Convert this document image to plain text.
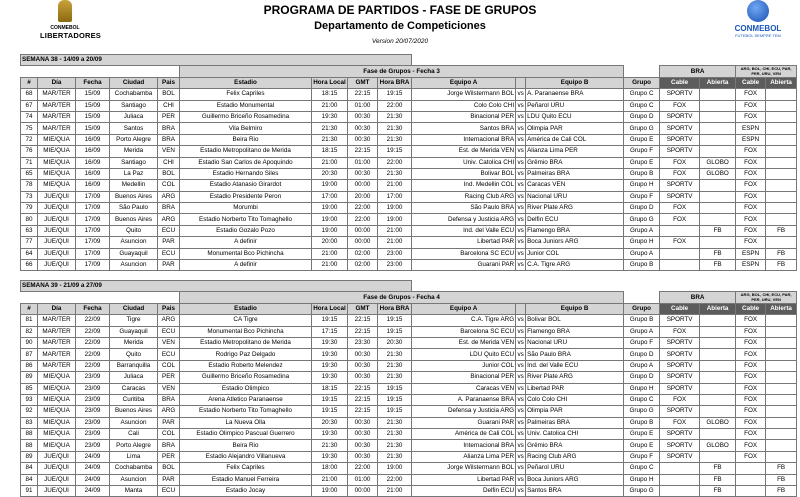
CONMEBOL
LIBERTADORES
PROGRAMA DE PARTIDOS - FASE DE GRUPOS
Departamento de Competiciones
Version 20/07/2020
CONMEBOL
FUTEBOL SEMPRE TEM
SEMANA 38 - 14/09 a 20/09																
					Fase de Grupos - Fecha 3								BRA		ARG, BOL, CHI, ECU, PAR, PER, URU, VEN	
#	Día	Fecha	Ciudad	Pais	Estadio	Hora Local	GMT	Hora BRA	Equipo A		Equipo B	Grupo	Cable	Abierta	Cable	Abierta
68	MAR/TER	15/09	Cochabamba	BOL	Felix Capriles	18:15	22:15	19:15	Jorge Wilstermann BOL	vs	A. Paranaense BRA	Grupo C	SPORTV		FOX	
67	MAR/TER	15/09	Santiago	CHI	Estadio Monumental	21:00	01:00	22:00	Colo Colo CHI	vs	Peñarol URU	Grupo C	FOX		FOX	
74	MAR/TER	15/09	Juliaca	PER	Guillermo Briceño Rosamedina	19:30	00:30	21:30	Binacional PER	vs	LDU Quito ECU	Grupo D	SPORTV		FOX	
75	MAR/TER	15/09	Santos	BRA	Vila Belmiro	21:30	00:30	21:30	Santos BRA	vs	Olimpia PAR	Grupo G	SPORTV		ESPN	
72	MIE/QUA	16/09	Porto Alegre	BRA	Beira Rio	21:30	00:30	21:30	Internacional BRA	vs	América de Cali COL	Grupo E	SPORTV		ESPN	
76	MIE/QUA	16/09	Merida	VEN	Estadio Metropolitano de Merida	18:15	22:15	19:15	Est. de Merida VEN	vs	Alianza Lima PER	Grupo F	SPORTV		FOX	
71	MIE/QUA	16/09	Santiago	CHI	Estadio San Carlos de Apoquindo	21:00	01:00	22:00	Univ. Catolica CHI	vs	Grêmio BRA	Grupo E	FOX	GLOBO	FOX	
65	MIE/QUA	16/09	La Paz	BOL	Estadio Hernando Siles	20:30	00:30	21:30	Bolivar BOL	vs	Palmeiras BRA	Grupo B	FOX	GLOBO	FOX	
78	MIE/QUA	16/09	Medellin	COL	Estadio Atanasio Girardot	19:00	00:00	21:00	Ind. Medellin COL	vs	Caracas VEN	Grupo H	SPORTV		FOX	
73	JUE/QUI	17/09	Buenos Aires	ARG	Estadio Presidente Peron	17:00	20:00	17:00	Racing Club ARG	vs	Nacional URU	Grupo F	SPORTV		FOX	
79	JUE/QUI	17/09	São Paulo	BRA	Morumbi	19:00	22:00	19:00	São Paulo BRA	vs	River Plate ARG	Grupo D	FOX		FOX	
80	JUE/QUI	17/09	Buenos Aires	ARG	Estadio Norberto Tito Tomaghello	19:00	22:00	19:00	Defensa y Justicia ARG	vs	Delfin ECU	Grupo G	FOX		FOX	
63	JUE/QUI	17/09	Quito	ECU	Estadio Gozalo Pozo	19:00	00:00	21:00	Ind. del Valle ECU	vs	Flamengo BRA	Grupo A		FB	FOX	FB
77	JUE/QUI	17/09	Asuncion	PAR	A definir	20:00	00:00	21:00	Libertad PAR	vs	Boca Juniors ARG	Grupo H	FOX		FOX	
64	JUE/QUI	17/09	Guayaquil	ECU	Monumental Bco Pichincha	21:00	02:00	23:00	Barcelona SC ECU	vs	Junior COL	Grupo A		FB	ESPN	FB
66	JUE/QUI	17/09	Asuncion	PAR	A definir	21:00	02:00	23:00	Guarani PAR	vs	C.A. Tigre ARG	Grupo B		FB	ESPN	FB
SEMANA 39 - 21/09 a 27/09																
					Fase de Grupos - Fecha 4								BRA		ARG, BOL, CHI, ECU, PAR, PER, URU, VEN	
#	Día	Fecha	Ciudad	Pais	Estadio	Hora Local	GMT	Hora BRA	Equipo A		Equipo B	Grupo	Cable	Abierta	Cable	Abierta
81	MAR/TER	22/09	Tigre	ARG	CA Tigre	19:15	22:15	19:15	C.A. Tigre ARG	vs	Bolivar BOL	Grupo B	SPORTV		FOX	
82	MAR/TER	22/09	Guayaquil	ECU	Monumental Bco Pichincha	17:15	22:15	19:15	Barcelona SC ECU	vs	Flamengo BRA	Grupo A	FOX		FOX	
90	MAR/TER	22/09	Merida	VEN	Estadio Metropolitano de Merida	19:30	23:30	20:30	Est. de Merida VEN	vs	Nacional URU	Grupo F	SPORTV		FOX	
87	MAR/TER	22/09	Quito	ECU	Rodrigo Paz Delgado	19:30	00:30	21:30	LDU Quito ECU	vs	São Paulo BRA	Grupo D	SPORTV		FOX	
86	MAR/TER	22/09	Barranquilla	COL	Estadio Roberto Melendez	19:30	00:30	21:30	Junior COL	vs	Ind. del Valle ECU	Grupo A	SPORTV		FOX	
89	MIE/QUA	23/09	Juliaca	PER	Guillermo Briceño Rosamedina	19:30	00:30	21:30	Binacional PER	vs	River Plate ARG	Grupo D	SPORTV		FOX	
85	MIE/QUA	23/09	Caracas	VEN	Estadio Olimpico	18:15	22:15	19:15	Caracas VEN	vs	Libertad PAR	Grupo H	SPORTV		FOX	
93	MIE/QUA	23/09	Curitiba	BRA	Arena Atletico Paranaense	19:15	22:15	19:15	A. Paranaense BRA	vs	Colo Colo CHI	Grupo C	FOX		FOX	
92	MIE/QUA	23/09	Buenos Aires	ARG	Estadio Norberto Tito Tomaghello	19:15	22:15	19:15	Defensa y Justicia ARG	vs	Olimpia PAR	Grupo G	SPORTV		FOX	
83	MIE/QUA	23/09	Asuncion	PAR	La Nueva Olla	20:30	00:30	21:30	Guarani PAR	vs	Palmeiras BRA	Grupo B	FOX	GLOBO	FOX	
88	MIE/QUA	23/09	Cali	COL	Estadio Olimpico Pascual Guerrero	19:30	00:30	21:30	América de Cali COL	vs	Univ. Catolica CHI	Grupo E	SPORTV		FOX	
88	MIE/QUA	23/09	Porto Alegre	BRA	Beira Rio	21:30	00:30	21:30	Internacional BRA	vs	Grêmio BRA	Grupo E	SPORTV	GLOBO	FOX	
89	JUE/QUI	24/09	Lima	PER	Estadio Alejandro Villanueva	19:30	00:30	21:30	Alianza Lima PER	vs	Racing Club ARG	Grupo F	SPORTV		FOX	
84	JUE/QUI	24/09	Cochabamba	BOL	Felix Capriles	18:00	22:00	19:00	Jorge Wilstermann BOL	vs	Peñarol URU	Grupo C		FB		FB
84	JUE/QUI	24/09	Asuncion	PAR	Estadio Manuel Ferreira	21:00	01:00	22:00	Libertad PAR	vs	Boca Juniors ARG	Grupo H		FB		FB
91	JUE/QUI	24/09	Manta	ECU	Estadio Jocay	19:00	00:00	21:00	Delfin ECU	vs	Santos BRA	Grupo G		FB		FB
